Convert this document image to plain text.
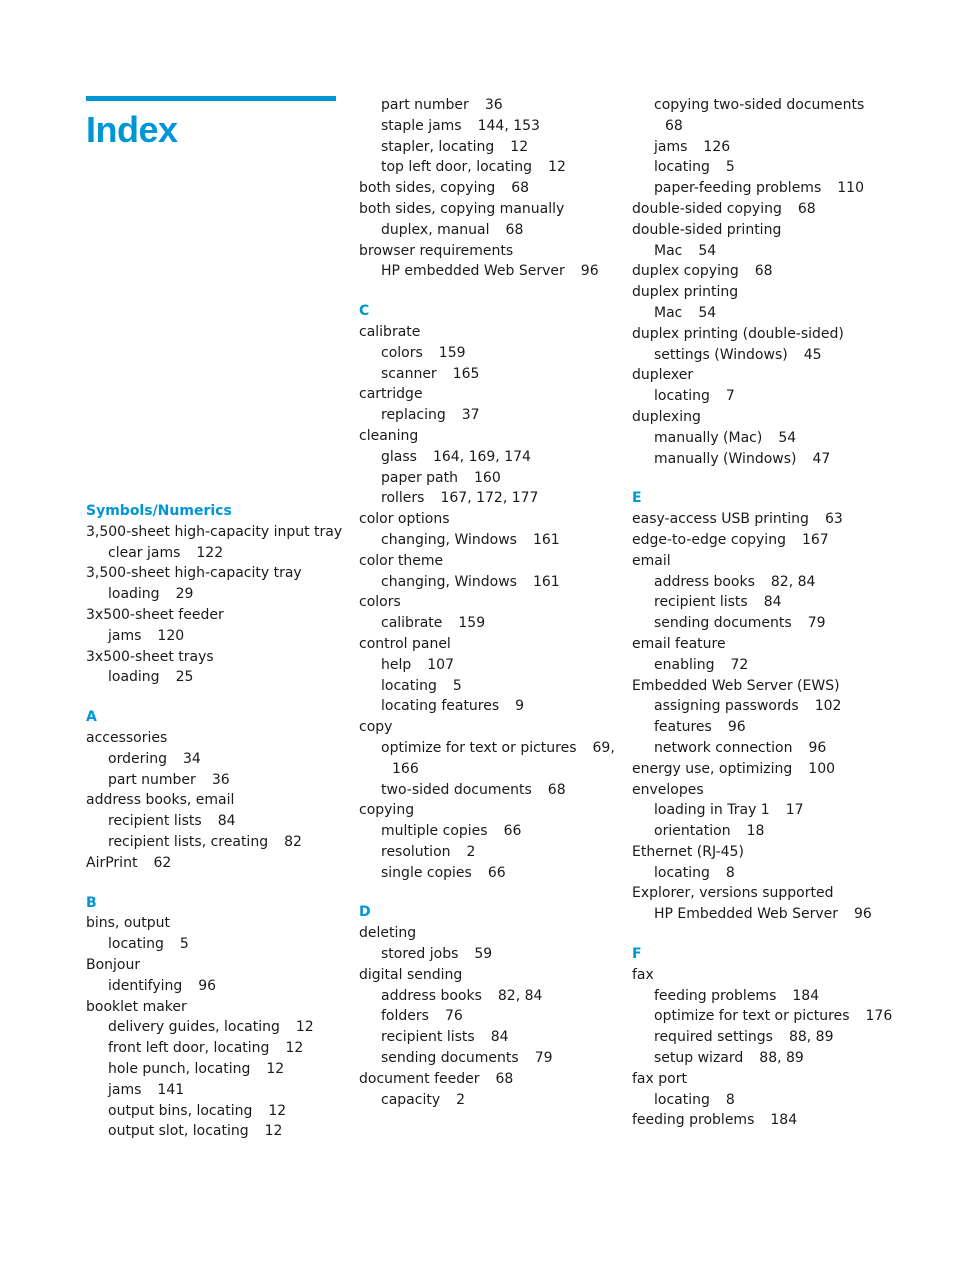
Index
Symbols/Numerics
3,500-sheet high-capacity input tray
clear jams 122
3,500-sheet high-capacity tray
loading 29
3x500-sheet feeder
jams 120
3x500-sheet trays
loading 25
A
accessories
ordering 34
part number 36
address books, email
recipient lists 84
recipient lists, creating 82
AirPrint 62
B
bins, output
locating 5
Bonjour
identifying 96
booklet maker
delivery guides, locating 12
front left door, locating 12
hole punch, locating 12
jams 141
output bins, locating 12
output slot, locating 12
part number 36
staple jams 144, 153
stapler, locating 12
top left door, locating 12
both sides, copying 68
both sides, copying manually
duplex, manual 68
browser requirements
HP embedded Web Server 96
C
calibrate
colors 159
scanner 165
cartridge
replacing 37
cleaning
glass 164, 169, 174
paper path 160
rollers 167, 172, 177
color options
changing, Windows 161
color theme
changing, Windows 161
colors
calibrate 159
control panel
help 107
locating 5
locating features 9
copy
optimize for text or pictures 69,
166
two-sided documents 68
copying
multiple copies 66
resolution 2
single copies 66
D
deleting
stored jobs 59
digital sending
address books 82, 84
folders 76
recipient lists 84
sending documents 79
document feeder 68
capacity 2
copying two-sided documents
68
jams 126
locating 5
paper-feeding problems 110
double-sided copying 68
double-sided printing
Mac 54
duplex copying 68
duplex printing
Mac 54
duplex printing (double-sided)
settings (Windows) 45
duplexer
locating 7
duplexing
manually (Mac) 54
manually (Windows) 47
E
easy-access USB printing 63
edge-to-edge copying 167
email
address books 82, 84
recipient lists 84
sending documents 79
email feature
enabling 72
Embedded Web Server (EWS)
assigning passwords 102
features 96
network connection 96
energy use, optimizing 100
envelopes
loading in Tray 1 17
orientation 18
Ethernet (RJ-45)
locating 8
Explorer, versions supported
HP Embedded Web Server 96
F
fax
feeding problems 184
optimize for text or pictures 176
required settings 88, 89
setup wizard 88, 89
fax port
locating 8
feeding problems 184
